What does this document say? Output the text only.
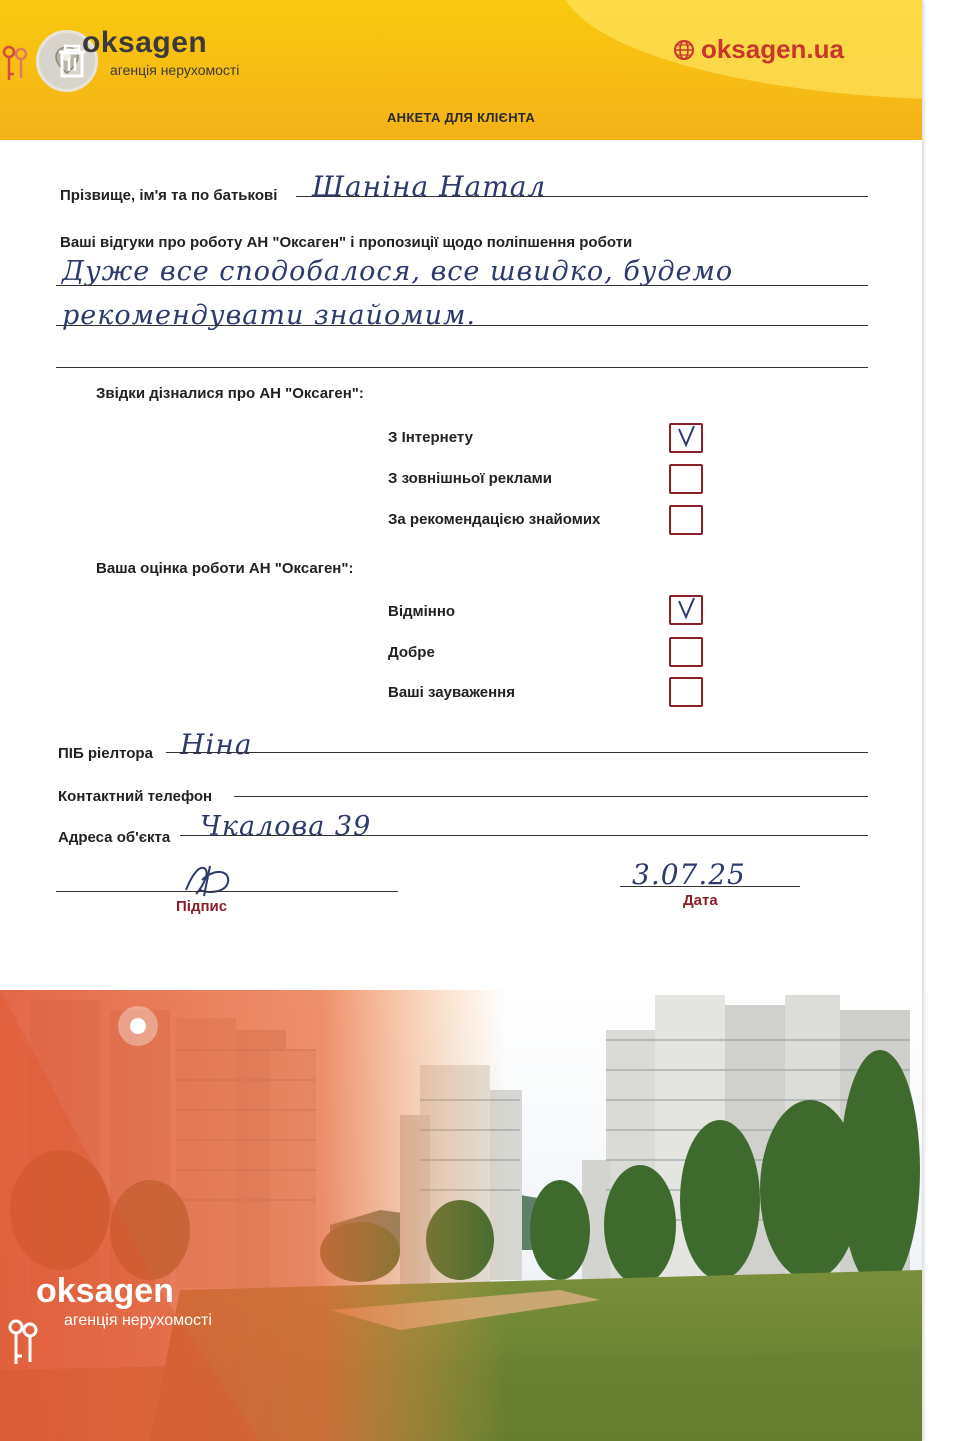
oksagen
агенція нерухомості
oksagen.ua
АНКЕТА ДЛЯ КЛІЄНТА
Прізвище, ім'я та по батькові Шаніна Натал
Ваші відгуки про роботу АН "Оксаген" і пропозиції щодо поліпшення роботи
Дуже все сподобалося, все швидко, будемо
рекомендувати знайомим.
Звідки дізналися про АН "Оксаген":
З Інтернету
З зовнішньої реклами
За рекомендацією знайомих
Ваша оцінка роботи АН "Оксаген":
Відмінно
Добре
Ваші зауваження
ПІБ ріелтора Ніна
Контактний телефон
Адреса об'єкта Чкалова 39
Підпис
3.07.25
Дата
oksagen
агенція нерухомості
